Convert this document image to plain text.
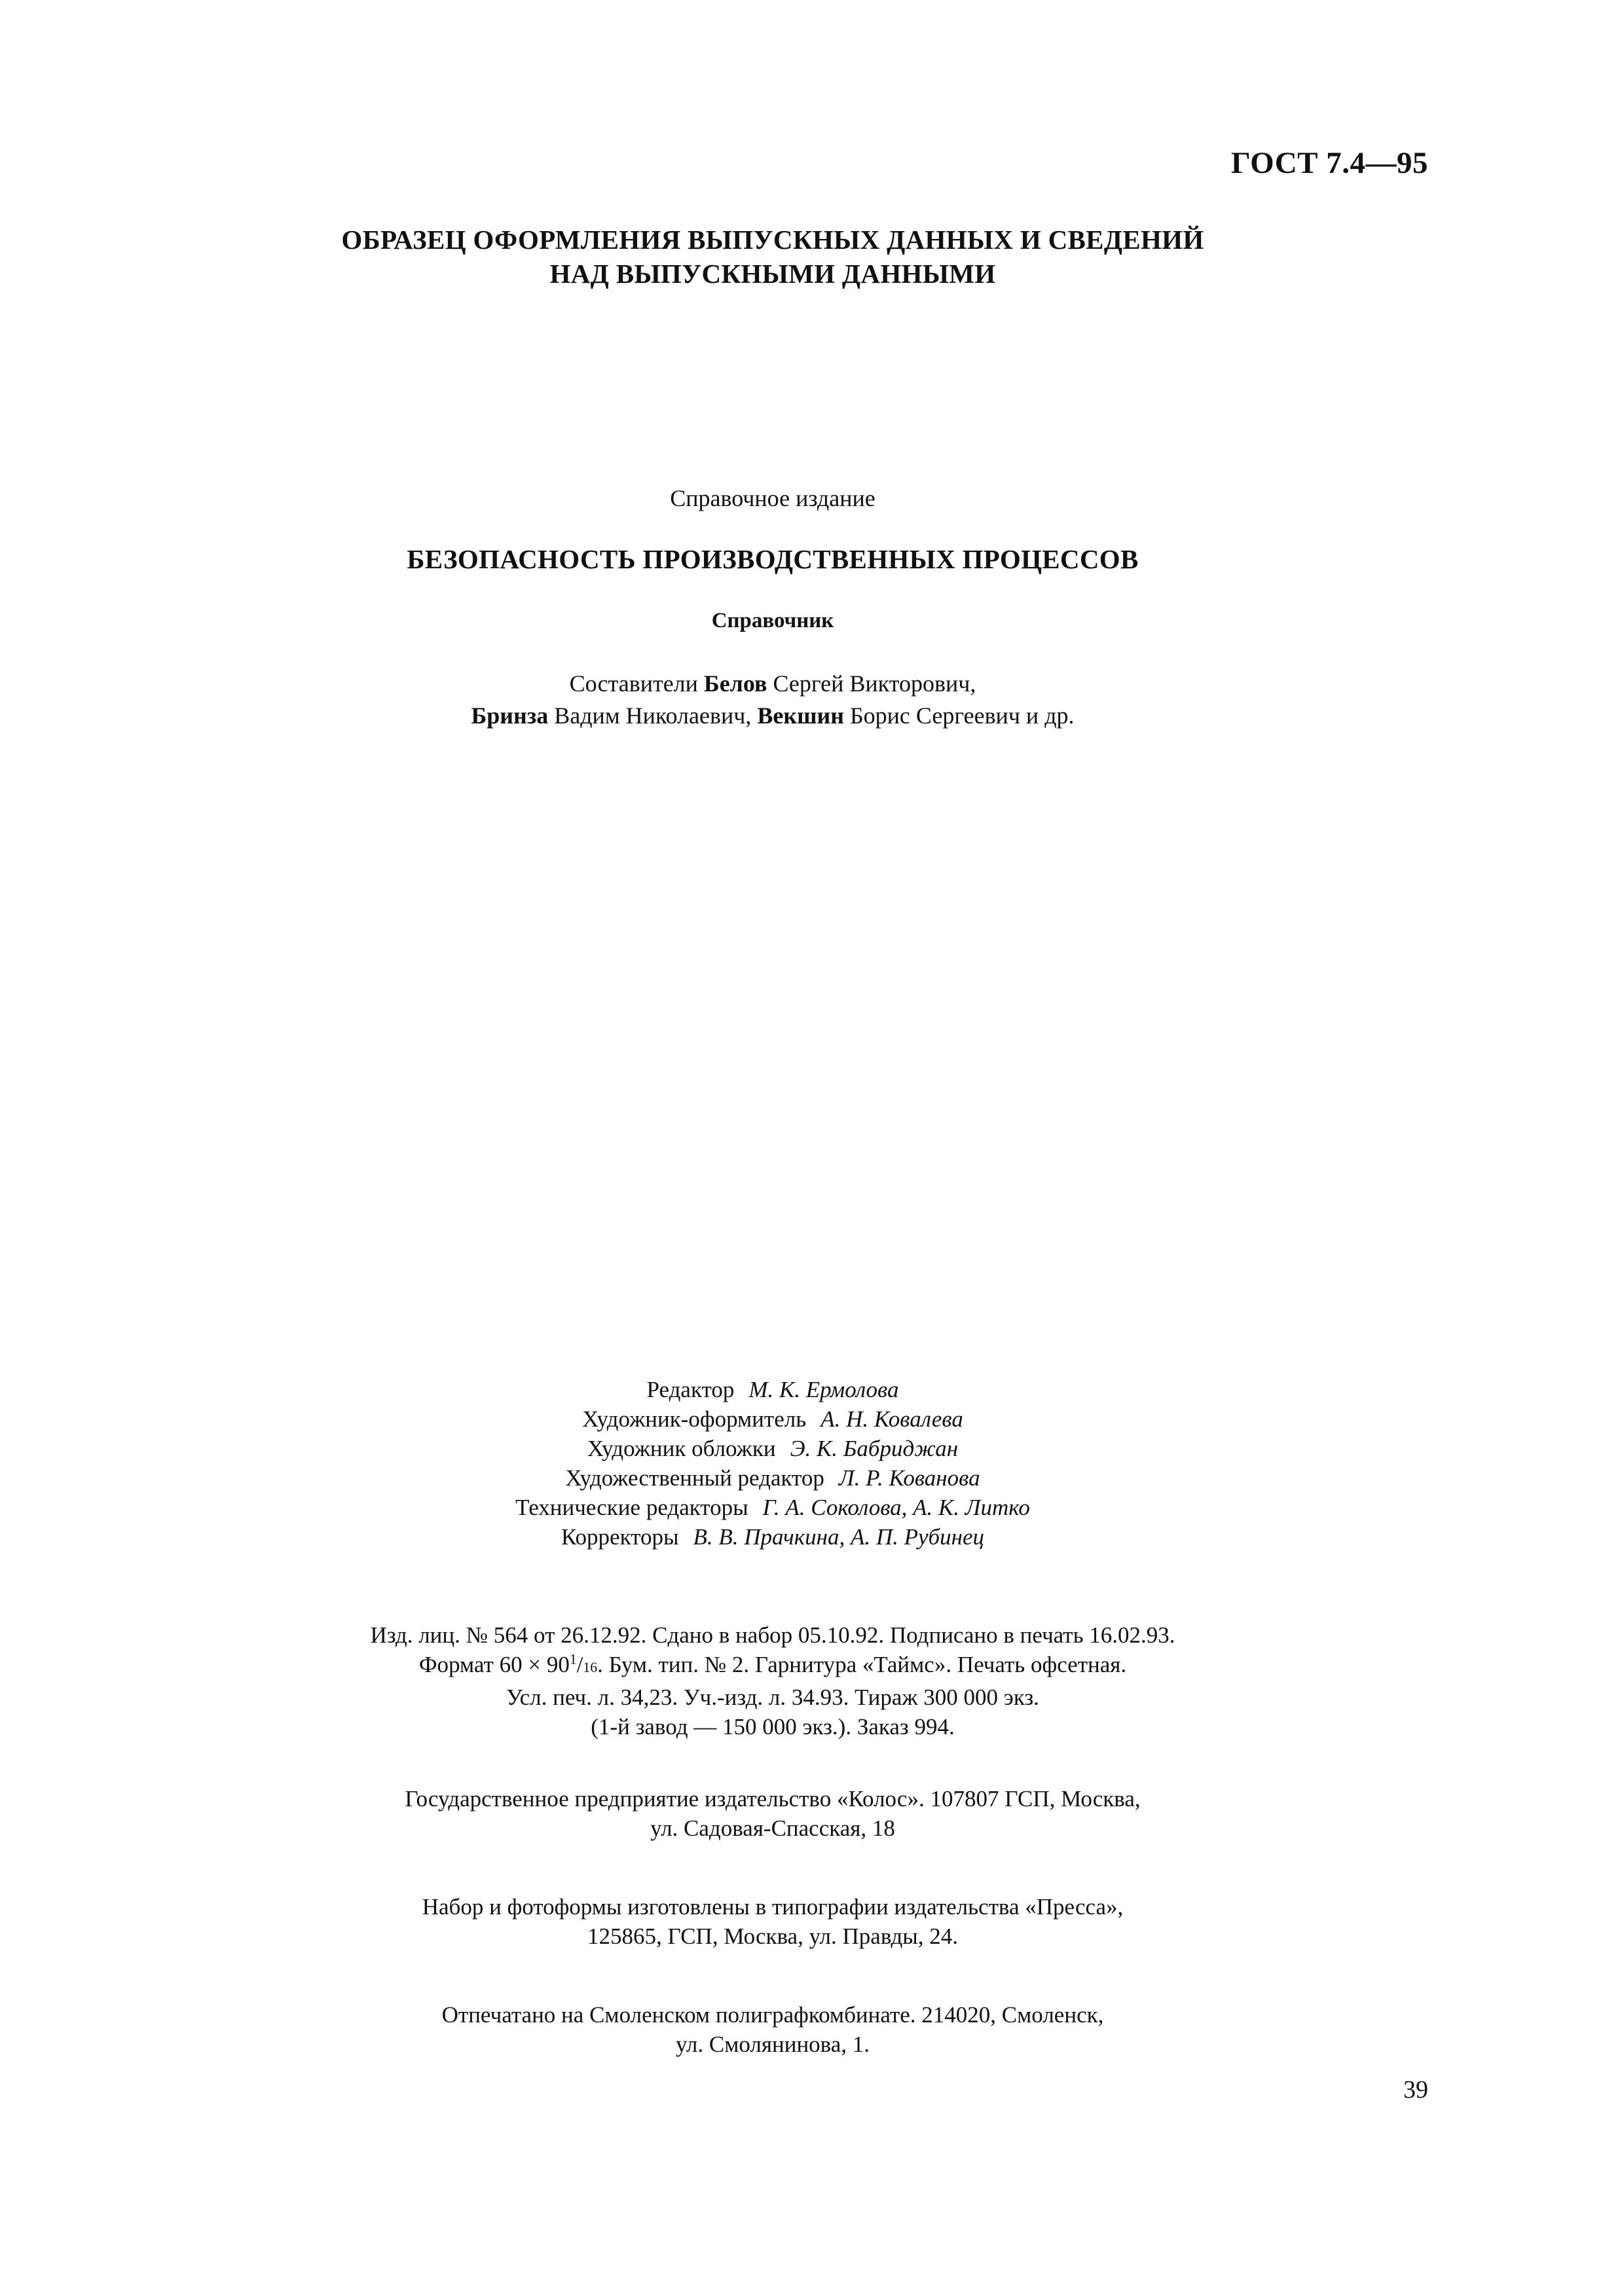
ГОСТ 7.4—95
ОБРАЗЕЦ ОФОРМЛЕНИЯ ВЫПУСКНЫХ ДАННЫХ И СВЕДЕНИЙ
НАД ВЫПУСКНЫМИ ДАННЫМИ
Справочное издание
БЕЗОПАСНОСТЬ ПРОИЗВОДСТВЕННЫХ ПРОЦЕССОВ
Справочник
Составители Белов Сергей Викторович,
Бринза Вадим Николаевич, Векшин Борис Сергеевич и др.
Редактор М. К. Ермолова
Художник-оформитель А. Н. Ковалева
Художник обложки Э. К. Бабриджан
Художественный редактор Л. Р. Кованова
Технические редакторы Г. А. Соколова, А. К. Литко
Корректоры В. В. Прачкина, А. П. Рубинец
Изд. лиц. № 564 от 26.12.92. Сдано в набор 05.10.92. Подписано в печать 16.02.93.
Формат $60 \times 90^1/16$. Бум. тип. № 2. Гарнитура «Таймс». Печать офсетная.
Усл. печ. л. 34,23. Уч.-изд. л. 34.93. Тираж 300 000 экз.
(1-й завод — 150 000 экз.). Заказ 994.
Государственное предприятие издательство «Колос». 107807 ГСП, Москва,
ул. Садовая-Спасская, 18
Набор и фотоформы изготовлены в типографии издательства «Пресса»,
125865, ГСП, Москва, ул. Правды, 24.
Отпечатано на Смоленском полиграфкомбинате. 214020, Смоленск,
ул. Смолянинова, 1.
39
